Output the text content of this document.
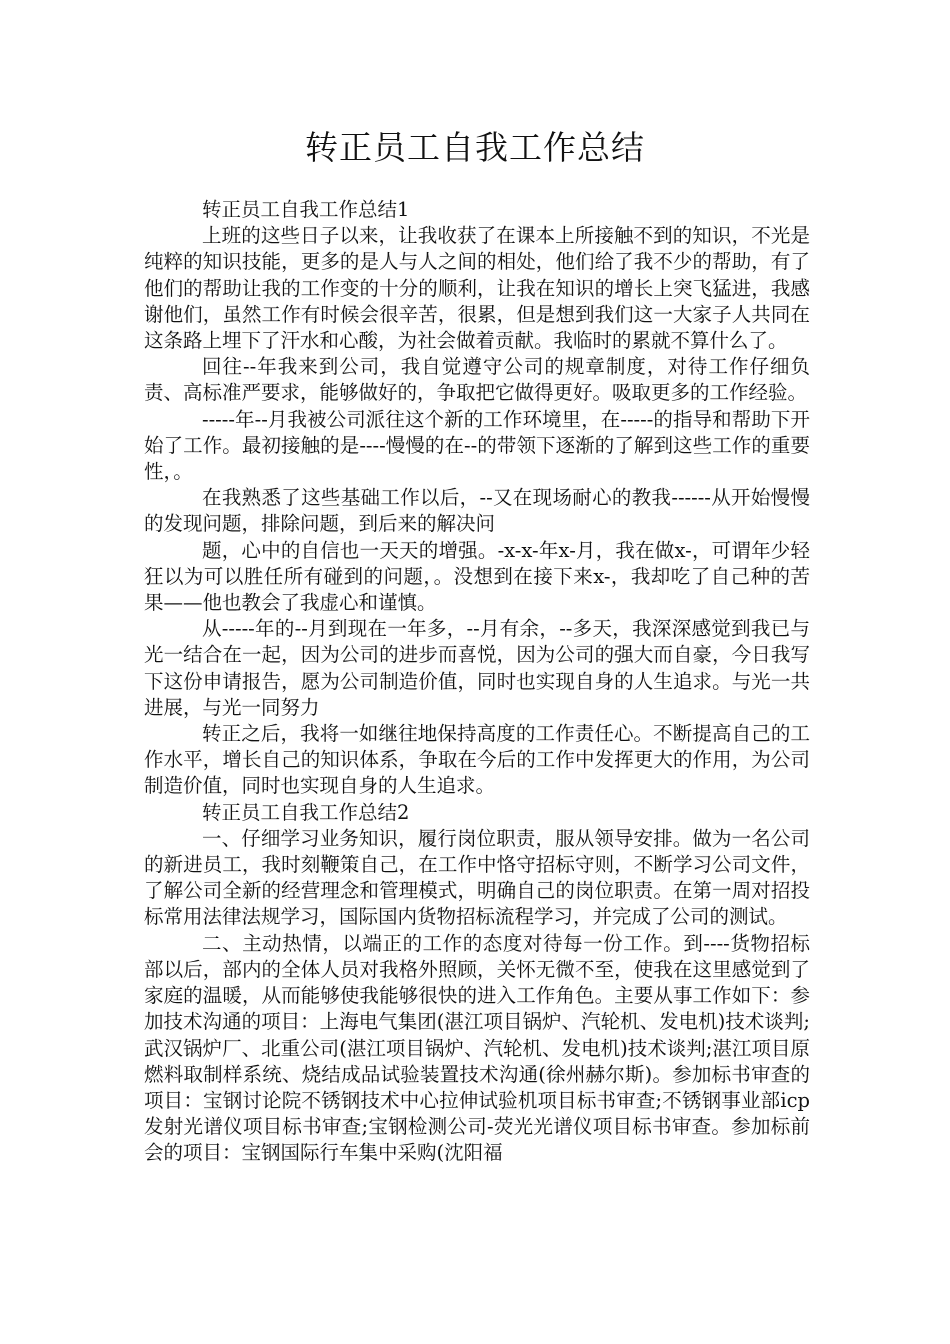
转正员工自我工作总结

转正员工自我工作总结1

上班的这些日子以来，让我收获了在课本上所接触不到的知识，不光是纯粹的知识技能，更多的是人与人之间的相处，他们给了我不少的帮助，有了他们的帮助让我的工作变的十分的顺利，让我在知识的增长上突飞猛进，我感谢他们，虽然工作有时候会很辛苦，很累，但是想到我们这一大家子人共同在这条路上埋下了汗水和心酸，为社会做着贡献。我临时的累就不算什么了。

回往--年我来到公司，我自觉遵守公司的规章制度，对待工作仔细负责、高标准严要求，能够做好的，争取把它做得更好。吸取更多的工作经验。

-----年--月我被公司派往这个新的工作环境里，在-----的指导和帮助下开始了工作。最初接触的是----慢慢的在--的带领下逐渐的了解到这些工作的重要性，。

在我熟悉了这些基础工作以后，--又在现场耐心的教我------从开始慢慢的发现问题，排除问题，到后来的解决问

题，心中的自信也一天天的增强。-x-x-年x-月，我在做x-，可谓年少轻狂以为可以胜任所有碰到的问题，。没想到在接下来x-，我却吃了自己种的苦果——他也教会了我虚心和谨慎。

从-----年的--月到现在一年多，--月有余，--多天，我深深感觉到我已与光一结合在一起，因为公司的进步而喜悦，因为公司的强大而自豪，今日我写下这份申请报告，愿为公司制造价值，同时也实现自身的人生追求。与光一共进展，与光一同努力

转正之后，我将一如继往地保持高度的工作责任心。不断提高自己的工作水平，增长自己的知识体系，争取在今后的工作中发挥更大的作用，为公司制造价值，同时也实现自身的人生追求。

转正员工自我工作总结2

一、仔细学习业务知识，履行岗位职责，服从领导安排。做为一名公司的新进员工，我时刻鞭策自己，在工作中恪守招标守则，不断学习公司文件，了解公司全新的经营理念和管理模式，明确自己的岗位职责。在第一周对招投标常用法律法规学习，国际国内货物招标流程学习，并完成了公司的测试。

二、主动热情，以端正的工作的态度对待每一份工作。到----货物招标部以后，部内的全体人员对我格外照顾，关怀无微不至，使我在这里感觉到了家庭的温暖，从而能够使我能够很快的进入工作角色。主要从事工作如下：参加技术沟通的项目：上海电气集团(湛江项目锅炉、汽轮机、发电机)技术谈判;武汉锅炉厂、北重公司(湛江项目锅炉、汽轮机、发电机)技术谈判;湛江项目原燃料取制样系统、烧结成品试验装置技术沟通(徐州赫尔斯)。参加标书审查的项目：宝钢讨论院不锈钢技术中心拉伸试验机项目标书审查;不锈钢事业部icp发射光谱仪项目标书审查;宝钢检测公司-荧光光谱仪项目标书审查。参加标前会的项目：宝钢国际行车集中采购(沈阳福
